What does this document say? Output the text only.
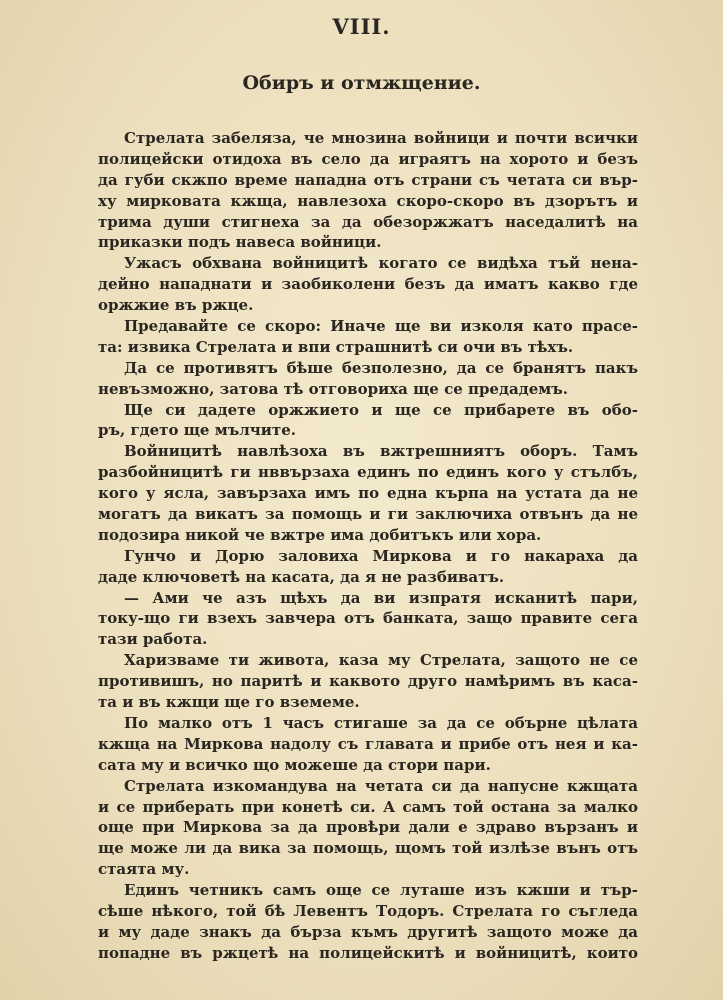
VIII.
Обиръ и отмжщение.
Стрелата забеляза, че мнозина войници и почти всички
полицейски отидоха въ село да играятъ на хорото и безъ
да губи скжпо време нападна отъ страни съ четата си вър-
ху мирковата кжща, навлезоха скоро-скоро въ дзорътъ и
трима души стигнеха за да обезоржжатъ наседалитѣ на
приказки подъ навеса войници.
Ужасъ обхвана войницитѣ когато се видѣха тъй нена-
дейно нападнати и заобиколени безъ да иматъ какво гдe
оржжие въ ржце.
Предавайте се скоро: Иначе ще ви изколя като прасе-
та: извика Стрелата и впи страшнитѣ си очи въ тѣхъ.
Да се противятъ бѣше безполезно, да се бранятъ пакъ
невъзможно, затова тѣ отговориха ще се предадемъ.
Ще си дадете оржжието и ще се прибарете въ обо-
ръ, гдето ще мълчите.
Войницитѣ навлѣзоха въ вжтрешниятъ оборъ. Тамъ
разбойницитѣ ги нввързаха единъ по единъ кого у стълбъ,
кого у ясла, завързаха имъ по една кърпа на устата да не
могатъ да викатъ за помощь и ги заключиха отвънъ да не
подозира никой че вжтре има добитъкъ или хора.
Гунчо и Дорю заловиха Миркова и го накараха да
даде ключоветѣ на касата, да я не разбиватъ.
— Ами че азъ щѣхъ да ви изпратя исканитѣ пари,
току-що ги взехъ завчера отъ банката, защо правите сега
тази работа.
Харизваме ти живота, каза му Стрелата, защото не се
противишъ, но паритѣ и каквото друго намѣримъ въ каса-
та и въ кжщи ще го вземеме.
По малко отъ 1 часъ стигаше за да се обърне цѣлата
кжща на Миркова надолу съ главата и прибе отъ нея и ка-
сата му и всичко що можеше да стори пари.
Стрелата изкомандува на четата си да напусне кжщата
и се приберать при конетѣ си. А самъ той остана за малко
още при Миркова за да провѣри дали е здраво вързанъ и
ще може ли да вика за помощь, щомъ той излѣзе вънъ отъ
стаята му.
Единъ четникъ самъ още се луташе изъ кжши и тър-
сѣше нѣкого, той бѣ Левентъ Тодоръ. Стрелата го съгледа
и му даде знакъ да бърза къмъ другитѣ защото може да
попадне въ ржцетѣ на полицейскитѣ и войницитѣ, които
